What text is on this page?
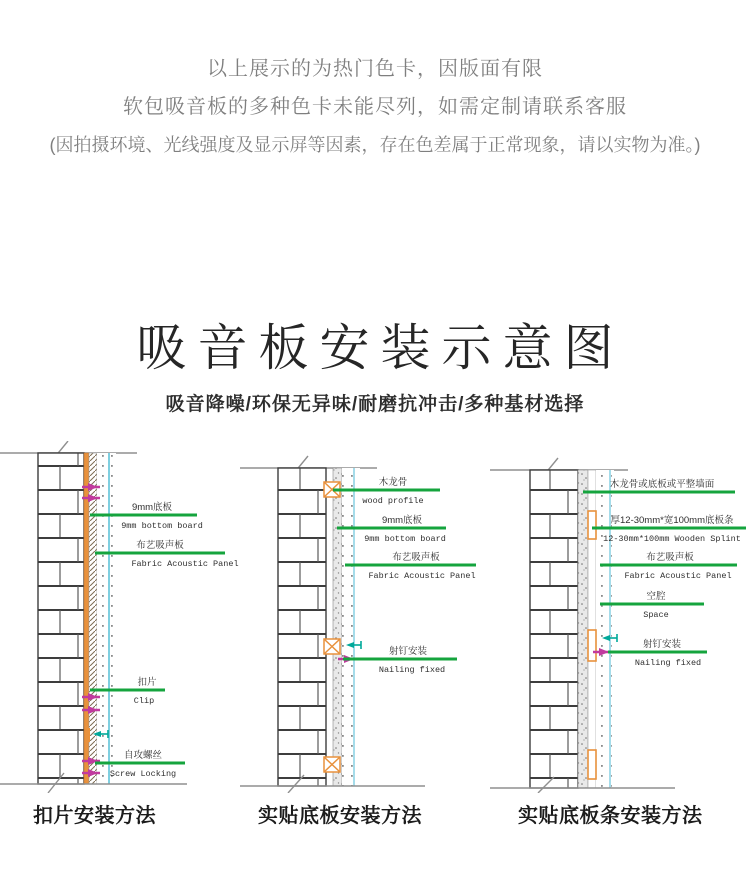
以上展示的为热门色卡，因版面有限
软包吸音板的多种色卡未能尽列，如需定制请联系客服
(因拍摄环境、光线强度及显示屏等因素，存在色差属于正常现象，请以实物为准。)
吸音板安装示意图
吸音降噪/环保无异味/耐磨抗冲击/多种基材选择
9mm底板
9mm bottom board
布艺吸声板
Fabric Acoustic Panel
扣片
Clip
自攻螺丝
Screw Locking
木龙骨
wood profile
9mm底板
9mm bottom board
布艺吸声板
Fabric Acoustic Panel
射钉安装
Nailing fixed
木龙骨或底板或平整墙面
厚12-30mm*宽100mm底板条
12-30mm*100mm Wooden Splint
布艺吸声板
Fabric Acoustic Panel
空腔
Space
射钉安装
Nailing fixed
扣片安装方法	实贴底板安装方法	实贴底板条安装方法
